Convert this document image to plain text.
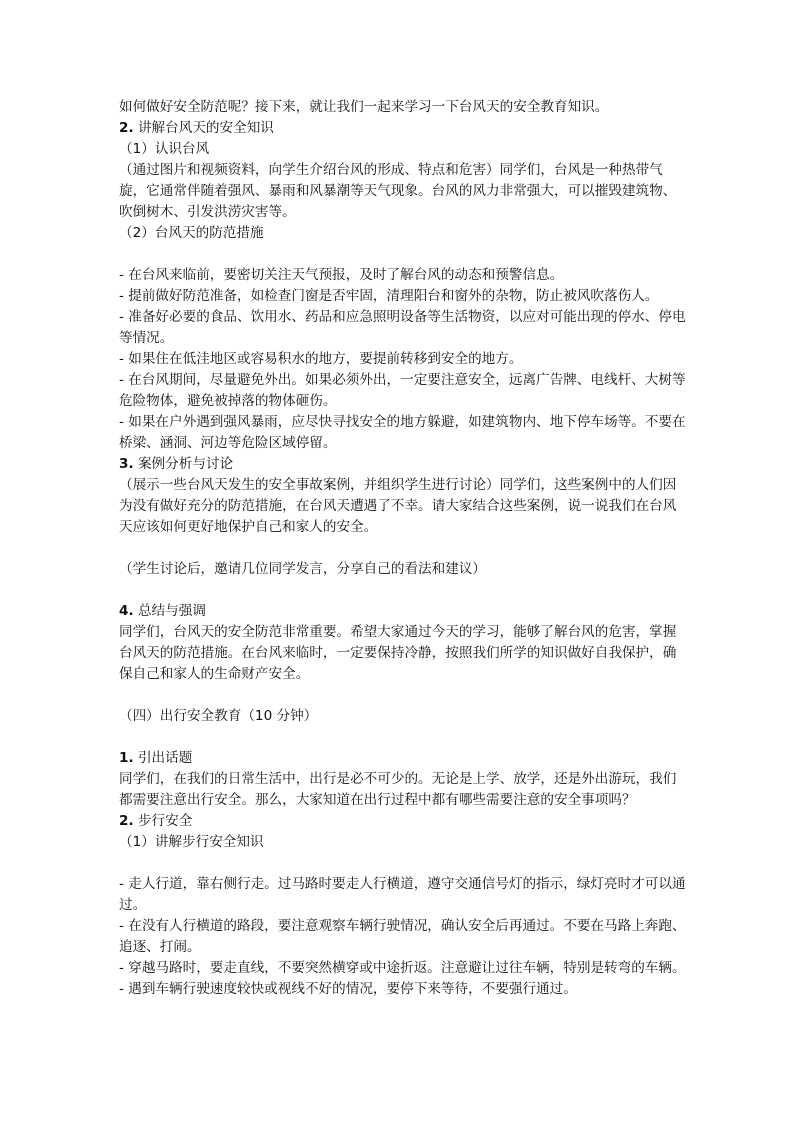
如何做好安全防范呢？接下来，就让我们一起来学习一下台风天的安全教育知识。
2. 讲解台风天的安全知识
（1）认识台风
（通过图片和视频资料，向学生介绍台风的形成、特点和危害）同学们，台风是一种热带气旋，它通常伴随着强风、暴雨和风暴潮等天气现象。台风的风力非常强大，可以摧毁建筑物、吹倒树木、引发洪涝灾害等。
（2）台风天的防范措施
- 在台风来临前，要密切关注天气预报，及时了解台风的动态和预警信息。
- 提前做好防范准备，如检查门窗是否牢固，清理阳台和窗外的杂物，防止被风吹落伤人。
- 准备好必要的食品、饮用水、药品和应急照明设备等生活物资，以应对可能出现的停水、停电等情况。
- 如果住在低洼地区或容易积水的地方，要提前转移到安全的地方。
- 在台风期间，尽量避免外出。如果必须外出，一定要注意安全，远离广告牌、电线杆、大树等危险物体，避免被掉落的物体砸伤。
- 如果在户外遇到强风暴雨，应尽快寻找安全的地方躲避，如建筑物内、地下停车场等。不要在桥梁、涵洞、河边等危险区域停留。
3. 案例分析与讨论
（展示一些台风天发生的安全事故案例，并组织学生进行讨论）同学们，这些案例中的人们因为没有做好充分的防范措施，在台风天遭遇了不幸。请大家结合这些案例，说一说我们在台风天应该如何更好地保护自己和家人的安全。
（学生讨论后，邀请几位同学发言，分享自己的看法和建议）
4. 总结与强调
同学们，台风天的安全防范非常重要。希望大家通过今天的学习，能够了解台风的危害，掌握台风天的防范措施。在台风来临时，一定要保持冷静，按照我们所学的知识做好自我保护，确保自己和家人的生命财产安全。
（四）出行安全教育（10 分钟）
1. 引出话题
同学们，在我们的日常生活中，出行是必不可少的。无论是上学、放学，还是外出游玩，我们都需要注意出行安全。那么，大家知道在出行过程中都有哪些需要注意的安全事项吗？
2. 步行安全
（1）讲解步行安全知识
- 走人行道，靠右侧行走。过马路时要走人行横道，遵守交通信号灯的指示，绿灯亮时才可以通过。
- 在没有人行横道的路段，要注意观察车辆行驶情况，确认安全后再通过。不要在马路上奔跑、追逐、打闹。
- 穿越马路时，要走直线，不要突然横穿或中途折返。注意避让过往车辆，特别是转弯的车辆。
- 遇到车辆行驶速度较快或视线不好的情况，要停下来等待，不要强行通过。
